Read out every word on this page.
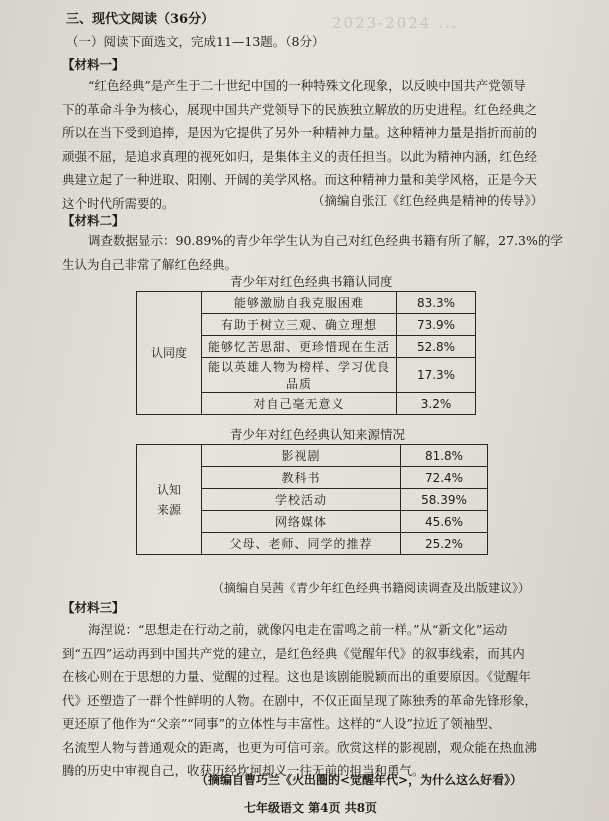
2023-2024 ...
三、现代文阅读（36分）
（一）阅读下面选文，完成11—13题。（8分）
【材料一】

“红色经典”是产生于二十世纪中国的一种特殊文化现象，以反映中国共产党领导

下的革命斗争为核心，展现中国共产党领导下的民族独立解放的历史进程。红色经典之

所以在当下受到追捧，是因为它提供了另外一种精神力量。这种精神力量是指折而前的

顽强不屈，是追求真理的视死如归，是集体主义的责任担当。以此为精神内涵，红色经

典建立起了一种进取、阳刚、开阔的美学风格。而这种精神力量和美学风格，正是今天

这个时代所需要的。	（摘编自张江《红色经典是精神的传导》）
【材料二】

调查数据显示：90.89%的青少年学生认为自己对红色经典书籍有所了解，27.3%的学

生认为自己非常了解红色经典。

青少年对红色经典书籍认同度
认同度	能够激励自我克服困难	83.3%
	有助于树立三观、确立理想	73.9%
	能够忆苦思甜、更珍惜现在生活	52.8%
	能以英雄人物为榜样、学习优良品质	17.3%
	对自己毫无意义	3.2%
青少年对红色经典认知来源情况
认知
来源	影视剧	81.8%
	教科书	72.4%
	学校活动	58.39%
	网络媒体	45.6%
	父母、老师、同学的推荐	25.2%
（摘编自吴茜《青少年红色经典书籍阅读调查及出版建议》）
【材料三】

海涅说：“思想走在行动之前，就像闪电走在雷鸣之前一样。”从“新文化”运动

到“五四”运动再到中国共产党的建立，是红色经典《觉醒年代》的叙事线索，而其内

在核心则在于思想的力量、觉醒的过程。这也是该剧能脱颖而出的重要原因。《觉醒年

代》还塑造了一群个性鲜明的人物。在剧中，不仅正面呈现了陈独秀的革命先锋形象，

更还原了他作为“父亲”“同事”的立体性与丰富性。这样的“人设”拉近了领袖型、

名流型人物与普通观众的距离，也更为可信可亲。欣赏这样的影视剧，观众能在热血沸

腾的历史中审视自己，收获历经坎坷却义一往无前的担当和勇气。

（摘编自曹巧兰《火出圈的<觉醒年代>，为什么这么好看》）
七年级语文 第4页 共8页
